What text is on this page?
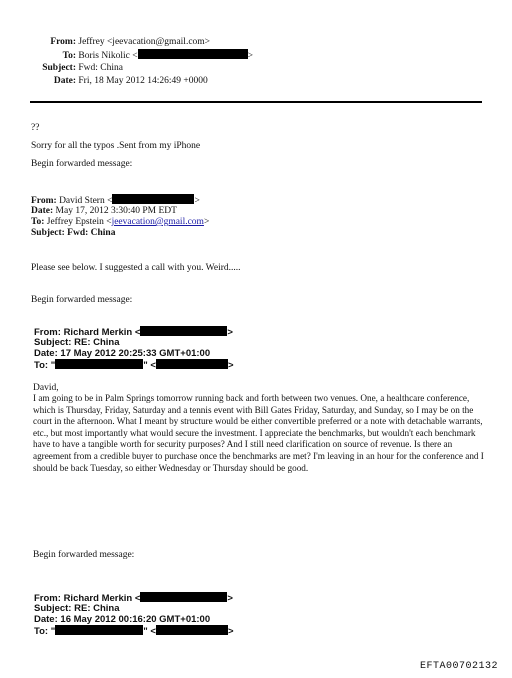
From: Jeffrey <jeevacation@gmail.com>
To: Boris Nikolic <	>
Subject: Fwd: China
Date: Fri, 18 May 2012 14:26:49 +0000
??
Sorry for all the typos .Sent from my iPhone
Begin forwarded message:
From: David Stern <	>
Date: May 17, 2012 3:30:40 PM EDT
To: Jeffrey Epstein <jeevacation@gmail.com>
Subject: Fwd: China
Please see below. I suggested a call with you. Weird.....
Begin forwarded message:
From: Richard Merkin <	>
Subject: RE: China
Date: 17 May 2012 20:25:33 GMT+01:00
To: "	" <	>
David,
I am going to be in Palm Springs tomorrow running back and forth between two venues. One, a healthcare conference, which is Thursday, Friday, Saturday and a tennis event with Bill Gates Friday, Saturday, and Sunday, so I may be on the court in the afternoon. What I meant by structure would be either convertible preferred or a note with detachable warrants, etc., but most importantly what would secure the investment. I appreciate the benchmarks, but wouldn't each benchmark have to have a tangible worth for security purposes? And I still need clarification on source of revenue. Is there an agreement from a credible buyer to purchase once the benchmarks are met? I'm leaving in an hour for the conference and I should be back Tuesday, so either Wednesday or Thursday should be good.
Begin forwarded message:
From: Richard Merkin <	>
Subject: RE: China
Date: 16 May 2012 00:16:20 GMT+01:00
To: "	" <	>
EFTA00702132
